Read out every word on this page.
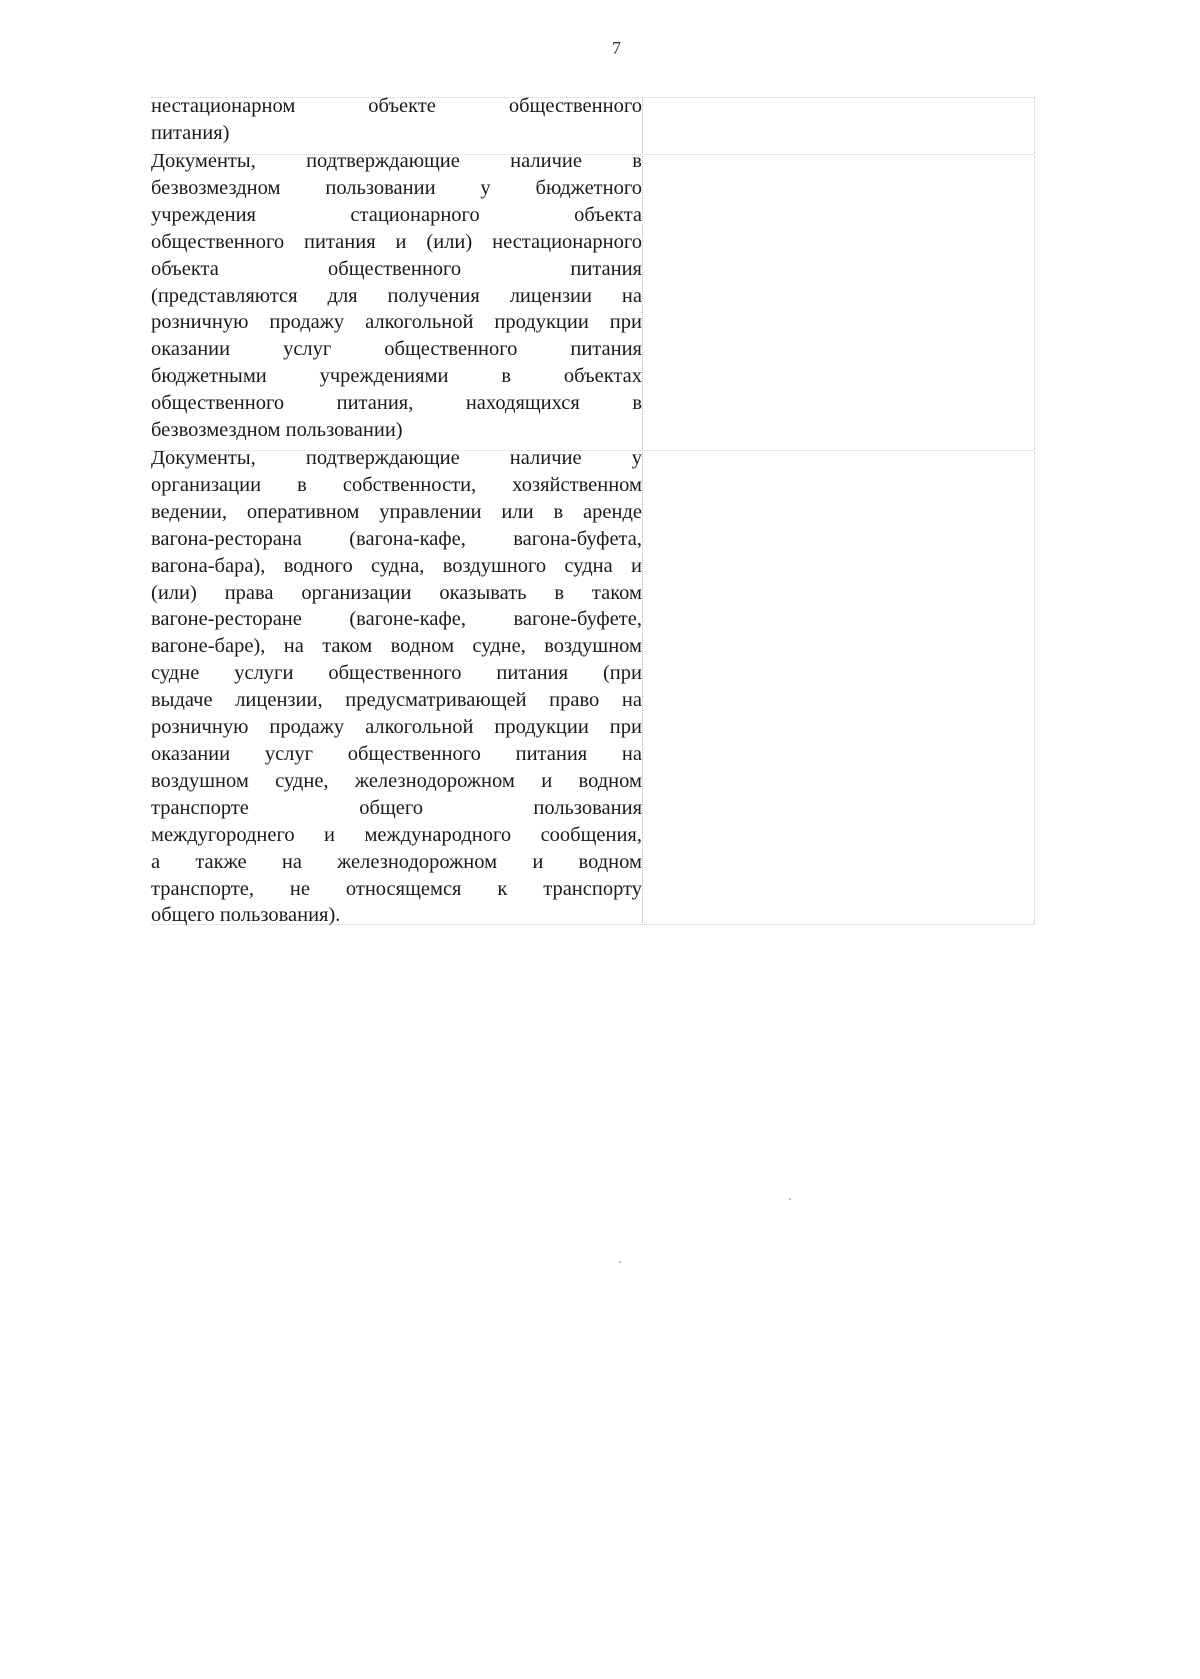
7

нестационарном объекте общественного
питания)

Документы, подтверждающие наличие в
безвозмездном пользовании у бюджетного
учреждения стационарного объекта
общественного питания и (или) нестационарного
объекта общественного питания
(представляются для получения лицензии на
розничную продажу алкогольной продукции при
оказании услуг общественного питания
бюджетными учреждениями в объектах
общественного питания, находящихся в
безвозмездном пользовании)

Документы, подтверждающие наличие у
организации в собственности, хозяйственном
ведении, оперативном управлении или в аренде
вагона-ресторана (вагона-кафе, вагона-буфета,
вагона-бара), водного судна, воздушного судна и
(или) права организации оказывать в таком
вагоне-ресторане (вагоне-кафе, вагоне-буфете,
вагоне-баре), на таком водном судне, воздушном
судне услуги общественного питания (при
выдаче лицензии, предусматривающей право на
розничную продажу алкогольной продукции при
оказании услуг общественного питания на
воздушном судне, железнодорожном и водном
транспорте общего пользования
междугороднего и международного сообщения,
а также на железнодорожном и водном
транспорте, не относящемся к транспорту
общего пользования).
